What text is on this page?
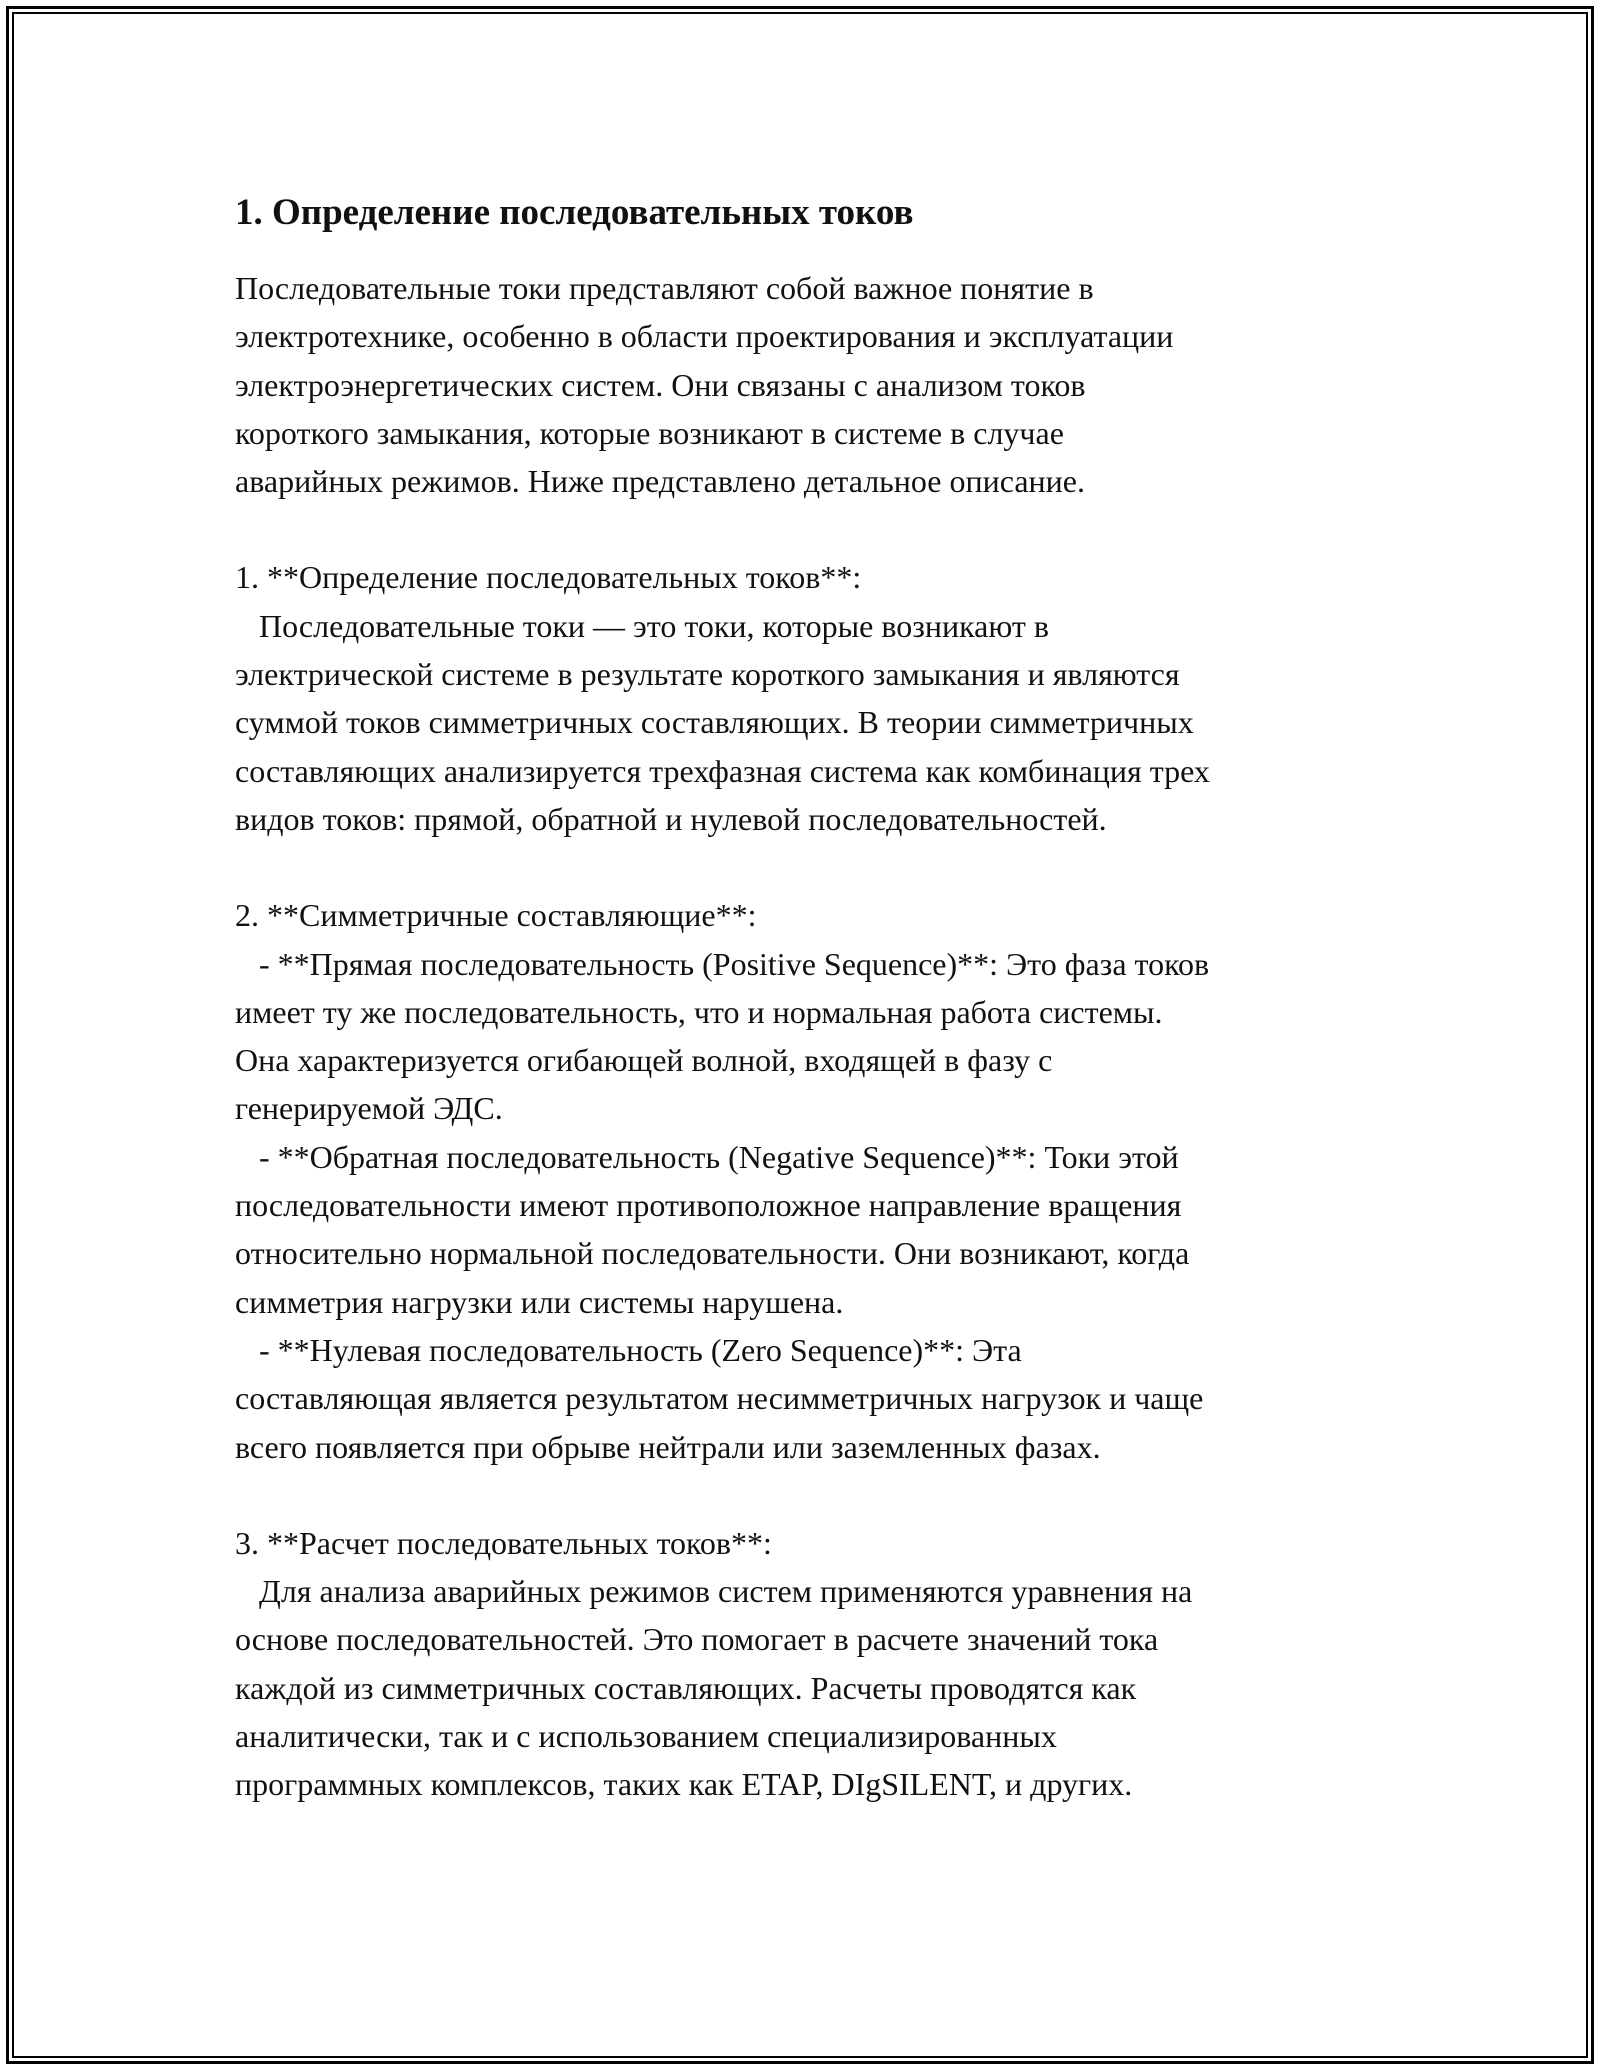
1. Определение последовательных токов

Последовательные токи представляют собой важное понятие в
электротехнике, особенно в области проектирования и эксплуатации
электроэнергетических систем. Они связаны с анализом токов
короткого замыкания, которые возникают в системе в случае
аварийных режимов. Ниже представлено детальное описание.

1. **Определение последовательных токов**:
Последовательные токи — это токи, которые возникают в
электрической системе в результате короткого замыкания и являются
суммой токов симметричных составляющих. В теории симметричных
составляющих анализируется трехфазная система как комбинация трех
видов токов: прямой, обратной и нулевой последовательностей.

2. **Симметричные составляющие**:
- **Прямая последовательность (Positive Sequence)**: Это фаза токов
имеет ту же последовательность, что и нормальная работа системы.
Она характеризуется огибающей волной, входящей в фазу с
генерируемой ЭДС.
- **Обратная последовательность (Negative Sequence)**: Токи этой
последовательности имеют противоположное направление вращения
относительно нормальной последовательности. Они возникают, когда
симметрия нагрузки или системы нарушена.
- **Нулевая последовательность (Zero Sequence)**: Эта
составляющая является результатом несимметричных нагрузок и чаще
всего появляется при обрыве нейтрали или заземленных фазах.

3. **Расчет последовательных токов**:
Для анализа аварийных режимов систем применяются уравнения на
основе последовательностей. Это помогает в расчете значений тока
каждой из симметричных составляющих. Расчеты проводятся как
аналитически, так и с использованием специализированных
программных комплексов, таких как ETAP, DIgSILENT, и других.
